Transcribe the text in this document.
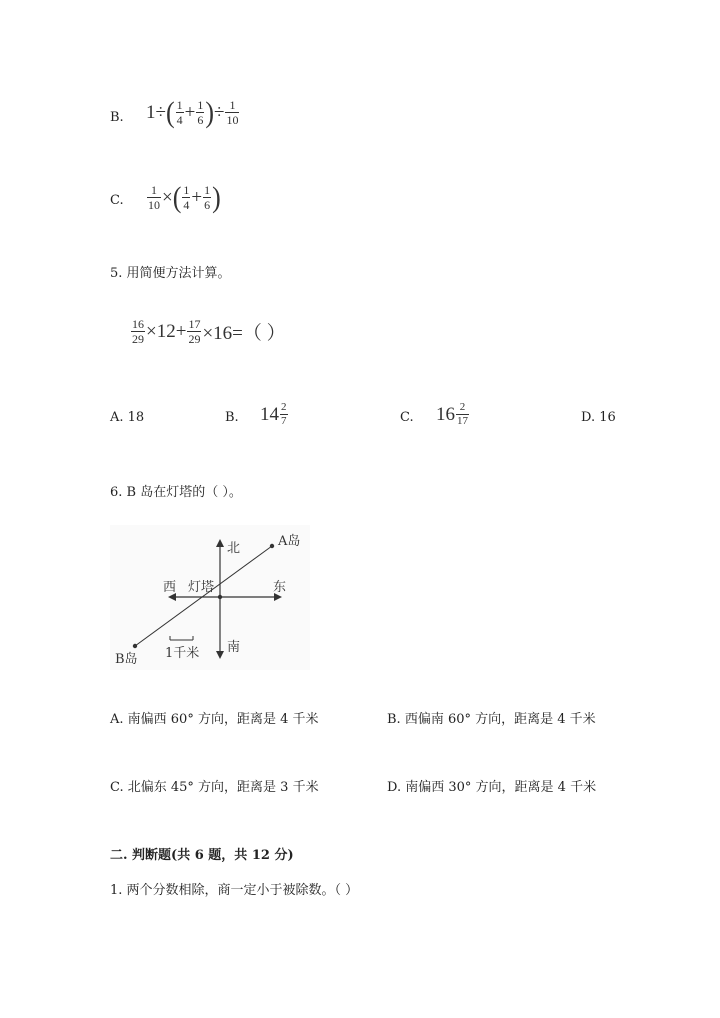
B. 1 ÷ ( $\frac{1}{4} + \frac{1}{6}$ ) ÷ $\frac{1}{10}$
C. $\frac{1}{10}$ × ( $\frac{1}{4} + \frac{1}{6}$ )
5. 用简便方法计算。
$\frac{16}{29} \times 12+ \frac{17}{29} \times 16=$（ ）
A. 18	B. $14 \frac{2}{7}$	C. $16 \frac{2}{17}$	D. 16
6. B 岛在灯塔的（ ）。
北
南
东
西 灯塔
A岛
B岛 1千米
A. 南偏西 60° 方向，距离是 4 千米	B. 西偏南 60° 方向，距离是 4 千米
C. 北偏东 45° 方向，距离是 3 千米	D. 南偏西 30° 方向，距离是 4 千米
二. 判断题(共 6 题，共 12 分)
1. 两个分数相除，商一定小于被除数。（ ）
